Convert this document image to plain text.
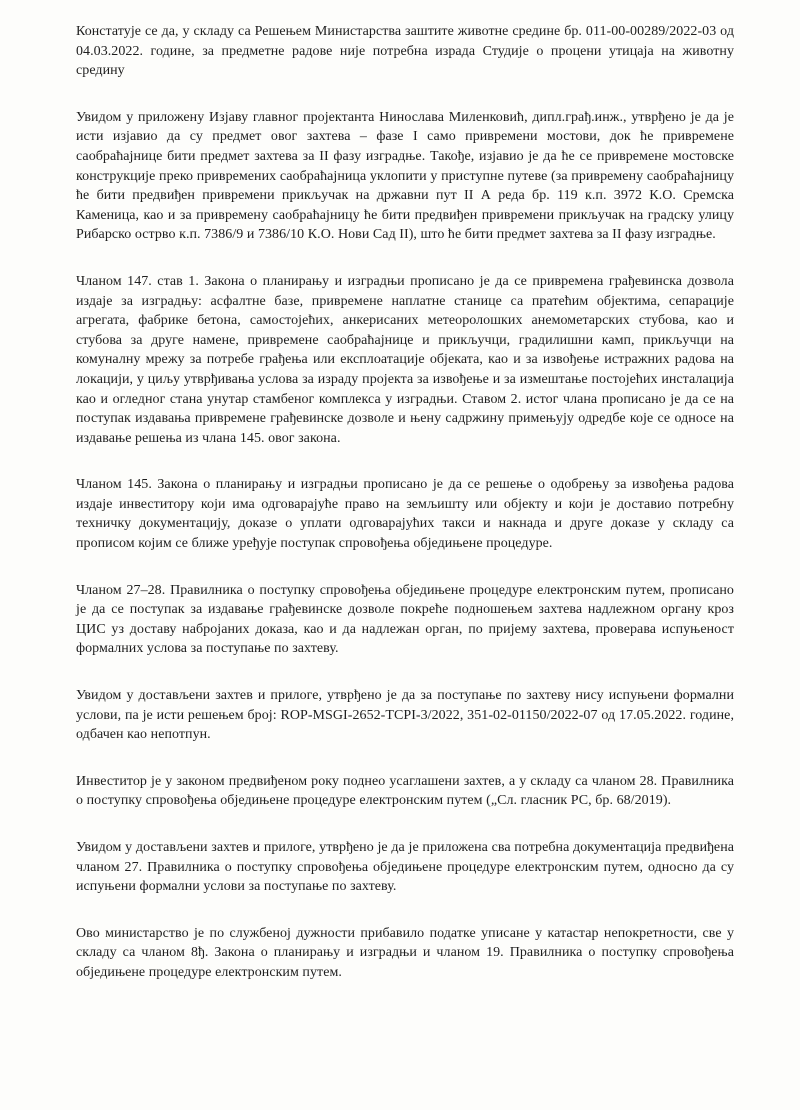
Констатује се да, у складу са Решењем Министарства заштите животне средине бр. 011-00-00289/2022-03 од 04.03.2022. године, за предметне радове није потребна израда Студије о процени утицаја на животну средину

Увидом у приложену Изјаву главног пројектанта Нинослава Миленковић, дипл.грађ.инж., утврђено је да је исти изјавио да су предмет овог захтева – фазе I само привремени мостови, док ће привремене саобраћајнице бити предмет захтева за II фазу изградње. Такође, изјавио је да ће се привремене мостовске конструкције преко привремених саобраћајница уклопити у приступне путеве (за привремену саобраћајницу ће бити предвиђен привремени прикључак на државни пут II А реда бр. 119 к.п. 3972 К.О. Сремска Каменица, као и за привремену саобраћајницу ће бити предвиђен привремени прикључак на градску улицу Рибарско острво к.п. 7386/9 и 7386/10 К.О. Нови Сад II), што ће бити предмет захтева за II фазу изградње.

Чланом 147. став 1. Закона о планирању и изградњи прописано је да се привремена грађевинска дозвола издаје за изградњу: асфалтне базе, привремене наплатне станице са пратећим објектима, сепарације агрегата, фабрике бетона, самостојећих, анкерисаних метеоролошких анемометарских стубова, као и стубова за друге намене, привремене саобраћајнице и прикључци, градилишни камп, прикључци на комуналну мрежу за потребе грађења или експлоатације објеката, као и за извођење истражних радова на локацији, у циљу утврђивања услова за израду пројекта за извођење и за измештање постојећих инсталација као и огледног стана унутар стамбеног комплекса у изградњи. Ставом 2. истог члана прописано је да се на поступак издавања привремене грађевинске дозволе и њену садржину примењују одредбе које се односе на издавање решења из члана 145. овог закона.

Чланом 145. Закона о планирању и изградњи прописано је да се решење о одобрењу за извођења радова издаје инвеститору који има одговарајуће право на земљишту или објекту и који је доставио потребну техничку документацију, доказе о уплати одговарајућих такси и накнада и друге доказе у складу са прописом којим се ближе уређује поступак спровођења обједињене процедуре.

Чланом 27–28. Правилника о поступку спровођења обједињене процедуре електронским путем, прописано је да се поступак за издавање грађевинске дозволе покреће подношењем захтева надлежном органу кроз ЦИС уз доставу набројаних доказа, као и да надлежан орган, по пријему захтева, проверава испуњеност формалних услова за поступање по захтеву.

Увидом у достављени захтев и прилоге, утврђено је да за поступање по захтеву нису испуњени формални услови, па је исти решењем број: ROP-MSGI-2652-TCPI-3/2022, 351-02-01150/2022-07 од 17.05.2022. године, одбачен као непотпун.

Инвеститор је у законом предвиђеном року поднео усаглашени захтев, а у складу са чланом 28. Правилника о поступку спровођења обједињене процедуре електронским путем („Сл. гласник РС, бр. 68/2019).

Увидом у достављени захтев и прилоге, утврђено је да је приложена сва потребна документација предвиђена чланом 27. Правилника о поступку спровођења обједињене процедуре електронским путем, односно да су испуњени формални услови за поступање по захтеву.

Ово министарство је по службеној дужности прибавило податке уписане у катастар непокретности, све у складу са чланом 8ђ. Закона о планирању и изградњи и чланом 19. Правилника о поступку спровођења обједињене процедуре електронским путем.
